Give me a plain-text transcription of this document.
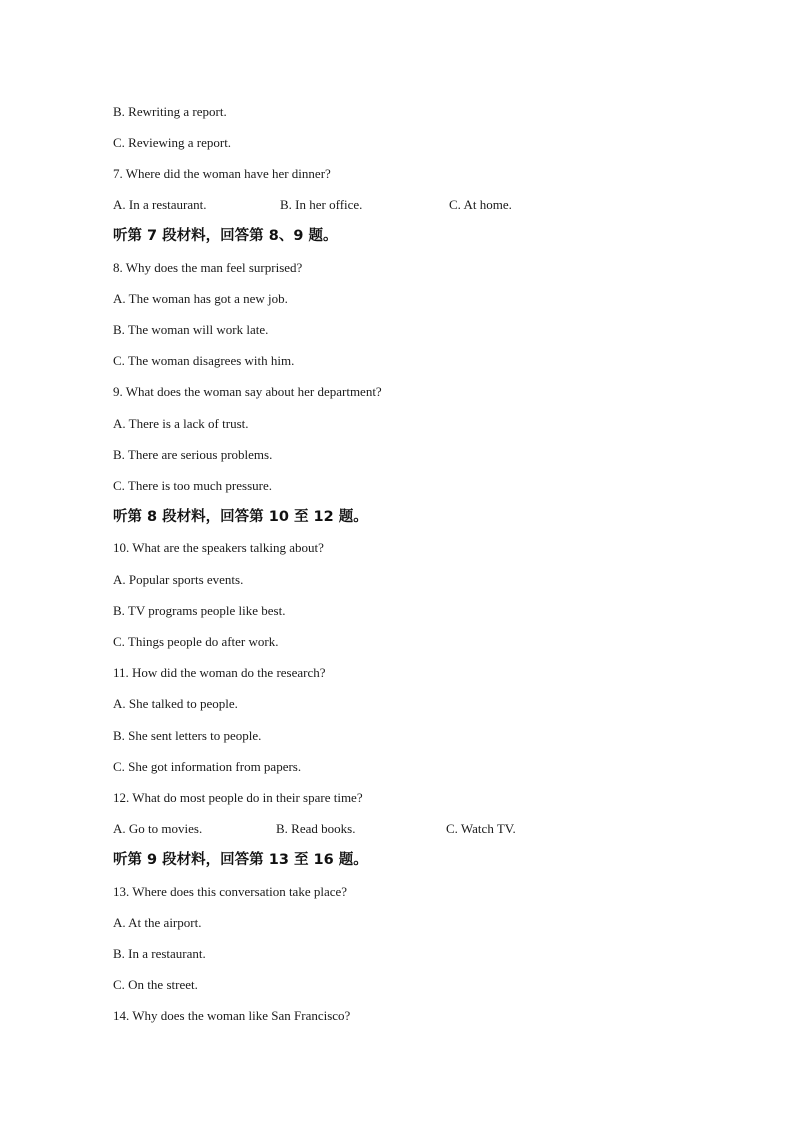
B. Rewriting a report.
C. Reviewing a report.
7. Where did the woman have her dinner?
A. In a restaurant.	B. In her office.	C. At home.
听第 7 段材料，回答第 8、9 题。
8. Why does the man feel surprised?
A. The woman has got a new job.
B. The woman will work late.
C. The woman disagrees with him.
9. What does the woman say about her department?
A. There is a lack of trust.
B. There are serious problems.
C. There is too much pressure.
听第 8 段材料，回答第 10 至 12 题。
10. What are the speakers talking about?
A. Popular sports events.
B. TV programs people like best.
C. Things people do after work.
11. How did the woman do the research?
A. She talked to people.
B. She sent letters to people.
C. She got information from papers.
12. What do most people do in their spare time?
A. Go to movies.	B. Read books.	C. Watch TV.
听第 9 段材料，回答第 13 至 16 题。
13. Where does this conversation take place?
A. At the airport.
B. In a restaurant.
C. On the street.
14. Why does the woman like San Francisco?
